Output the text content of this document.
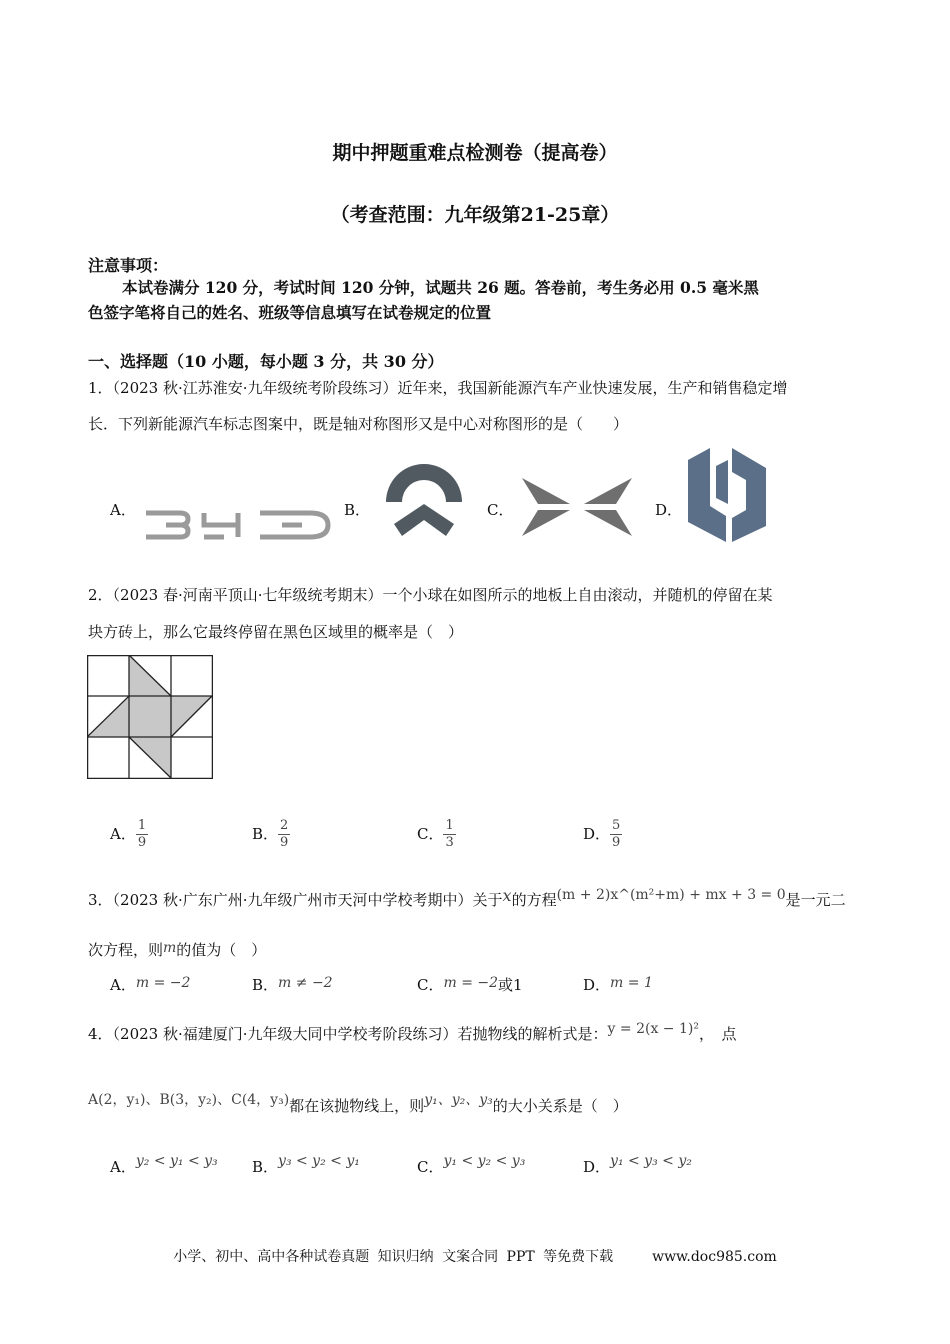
期中押题重难点检测卷（提高卷）
（考查范围：九年级第21-25章）
注意事项：
本试卷满分 120 分，考试时间 120 分钟，试题共 26 题。答卷前，考生务必用 0.5 毫米黑
色签字笔将自己的姓名、班级等信息填写在试卷规定的位置
一、选择题（10 小题，每小题 3 分，共 30 分）
1．（2023 秋·江苏淮安·九年级统考阶段练习）近年来，我国新能源汽车产业快速发展，生产和销售稳定增
长．下列新能源汽车标志图案中，既是轴对称图形又是中心对称图形的是（　　）
A．	B．	C．	D．
2．（2023 春·河南平顶山·七年级统考期末）一个小球在如图所示的地板上自由滚动，并随机的停留在某
块方砖上，那么它最终停留在黑色区域里的概率是（　）
A． $\frac{1}{9}$	B． $\frac{2}{9}$	C． $\frac{1}{3}$	D． $\frac{5}{9}$
3．（2023 秋·广东广州·九年级广州市天河中学校考期中）关于x的方程(m + 2)x^(m²+m) + mx + 3 = 0是一元二
次方程，则m的值为（　）
A．m = −2	B．m ≠ −2	C．m = −2或1	D．m = 1
4．（2023 秋·福建厦门·九年级大同中学校考阶段练习）若抛物线的解析式是：y = 2(x − 1)²，　点
A(2，y₁)、B(3，y₂)、C(4，y₃)都在该抛物线上，则y₁、y₂、y₃的大小关系是（　）
A．y₂ < y₁ < y₃ B．y₃ < y₂ < y₁	C．y₁ < y₂ < y₃	D．y₁ < y₃ < y₂
小学、初中、高中各种试卷真题 知识归纳 文案合同 PPT 等免费下载	www.doc985.com
